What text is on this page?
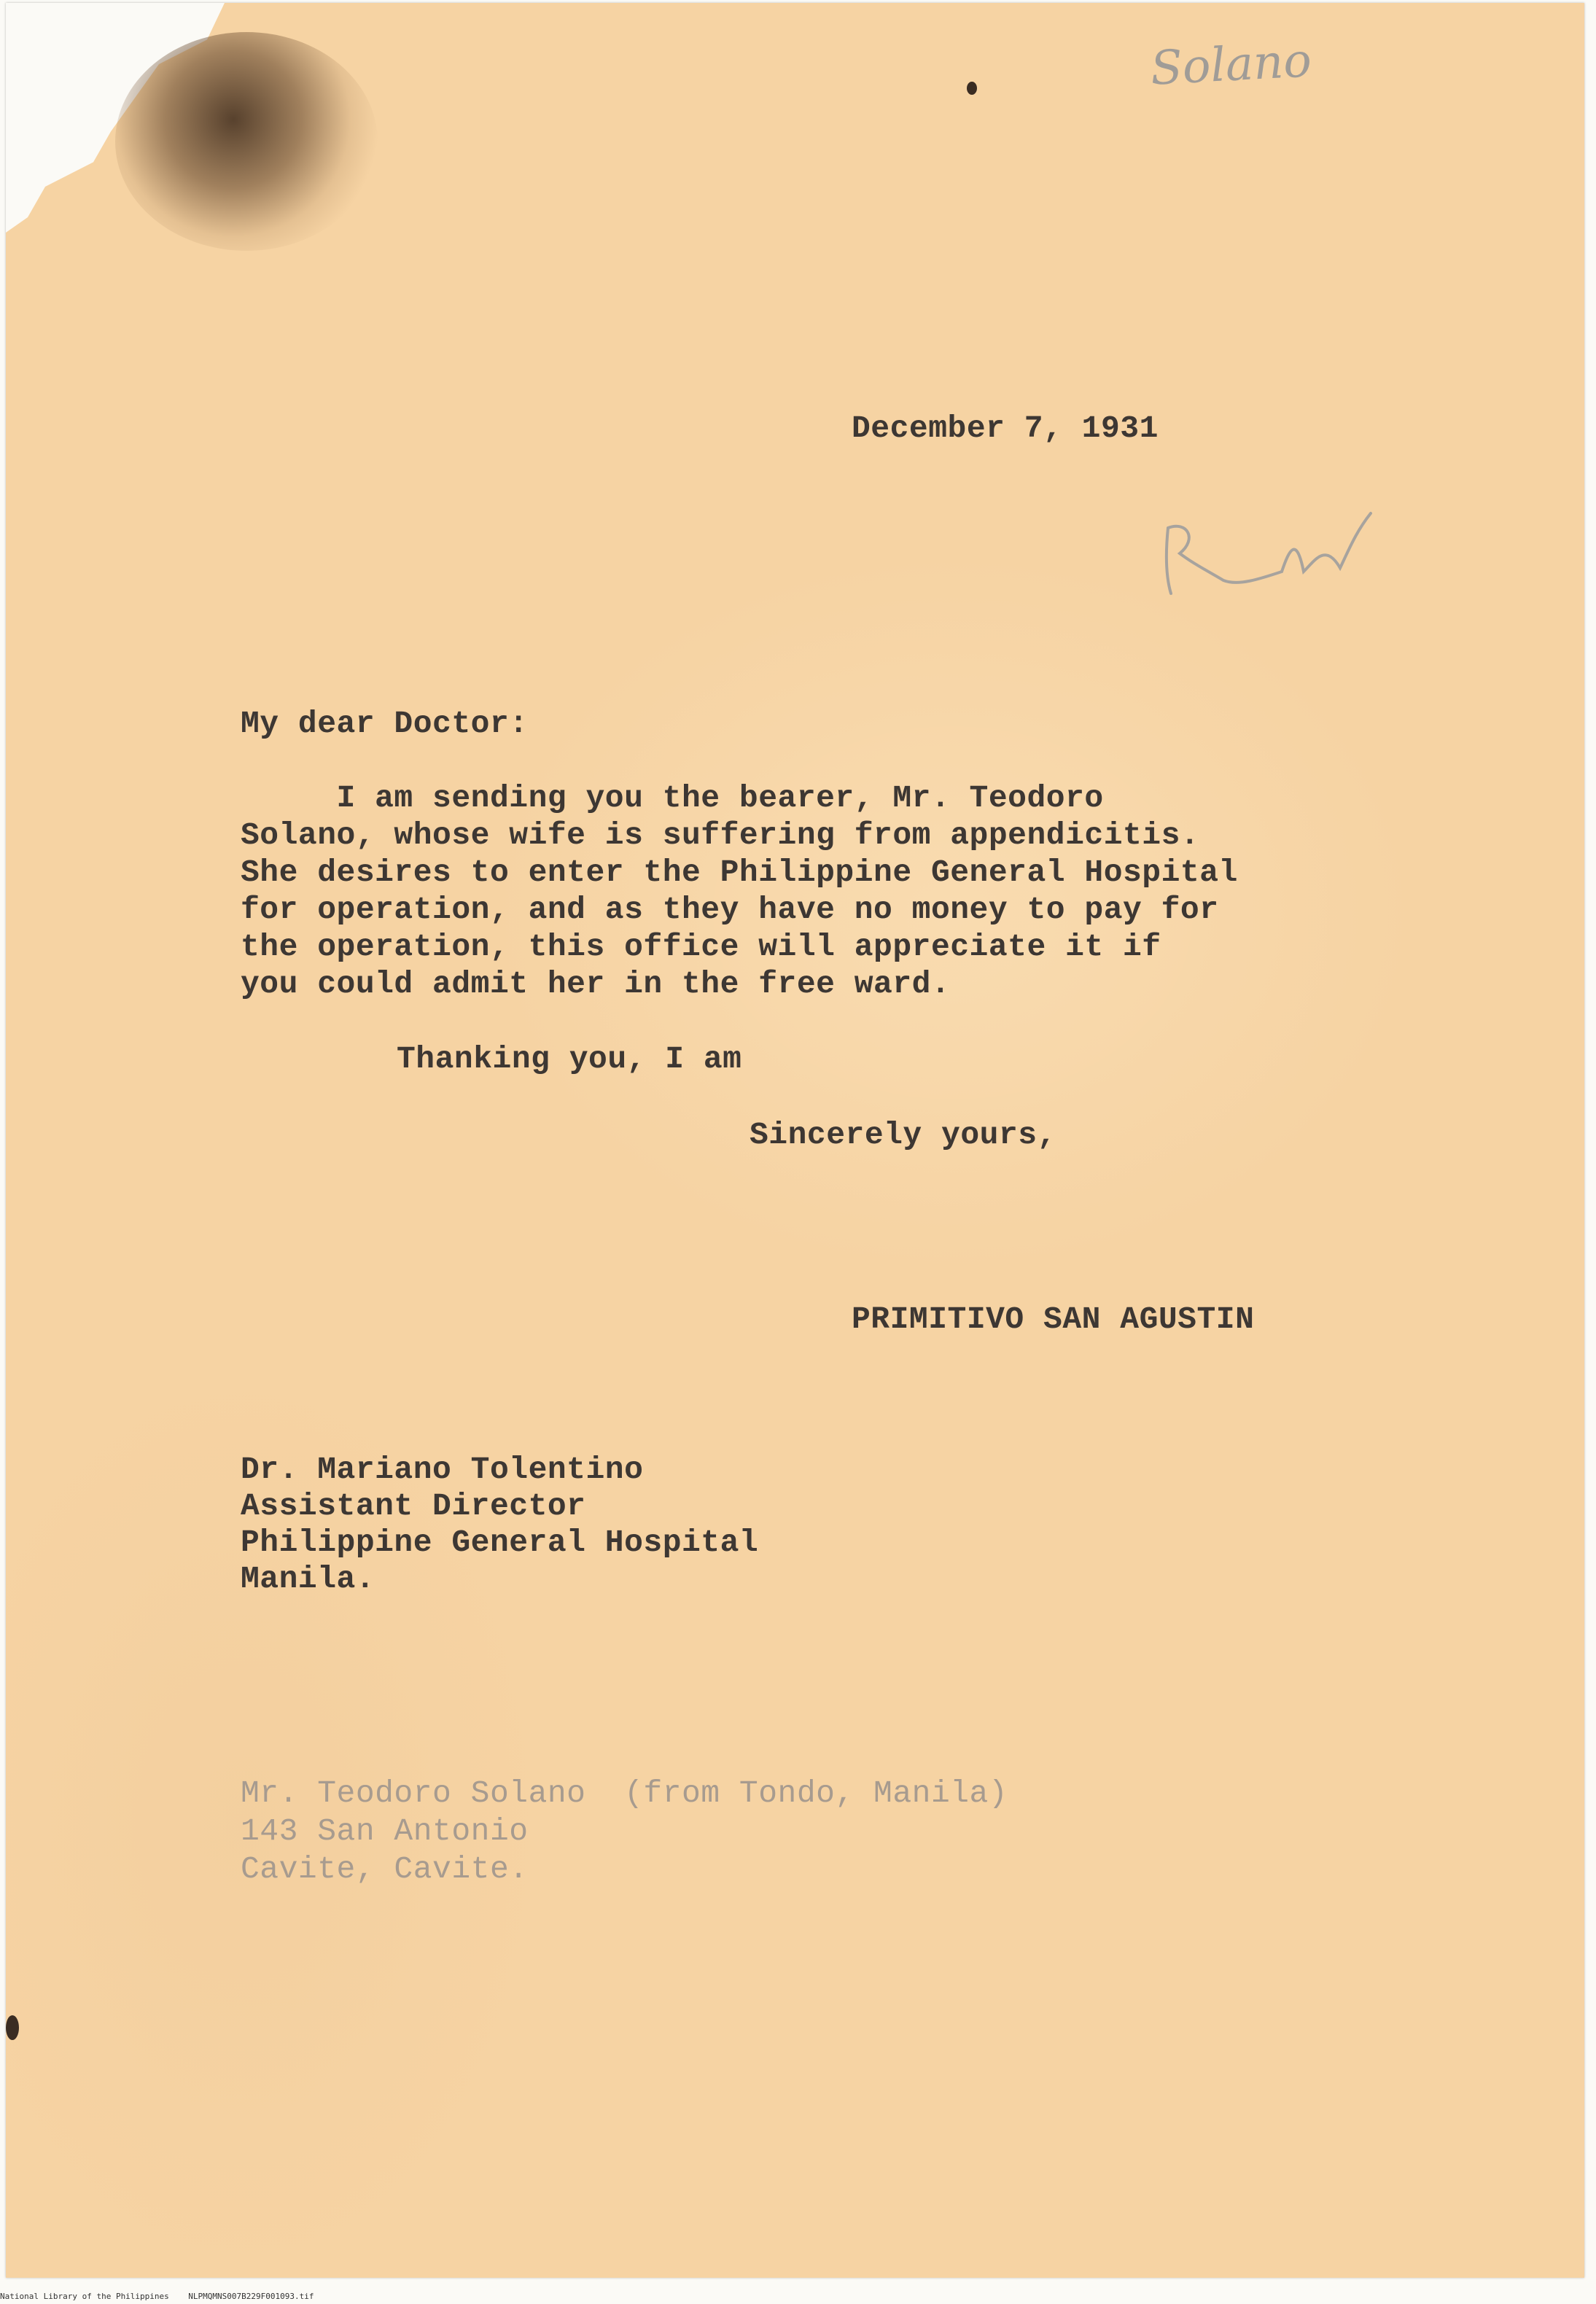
Solano
December 7, 1931
My dear Doctor:
I am sending you the bearer, Mr. Teodoro
Solano, whose wife is suffering from appendicitis.
She desires to enter the Philippine General Hospital
for operation, and as they have no money to pay for
the operation, this office will appreciate it if
you could admit her in the free ward.
Thanking you, I am
Sincerely yours,
PRIMITIVO SAN AGUSTIN
Dr. Mariano Tolentino
Assistant Director
Philippine General Hospital
Manila.
Mr. Teodoro Solano  (from Tondo, Manila)
143 San Antonio
Cavite, Cavite.
National Library of the Philippines    NLPMQMNS007B229F001093.tif
